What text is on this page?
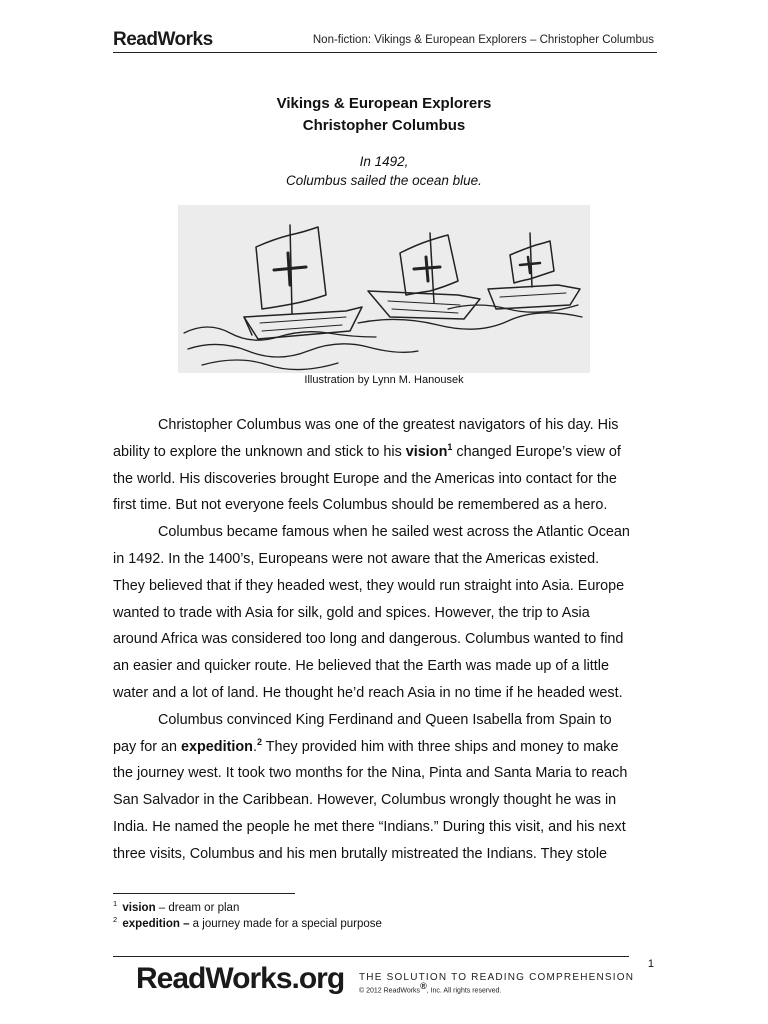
ReadWorks	Non-fiction: Vikings & European Explorers – Christopher Columbus
Vikings & European Explorers
Christopher Columbus
In 1492,
Columbus sailed the ocean blue.
Illustration by Lynn M. Hanousek

Christopher Columbus was one of the greatest navigators of his day. His
ability to explore the unknown and stick to his vision$^1$ changed Europe’s view of
the world. His discoveries brought Europe and the Americas into contact for the
first time. But not everyone feels Columbus should be remembered as a hero.

Columbus became famous when he sailed west across the Atlantic Ocean
in 1492. In the 1400’s, Europeans were not aware that the Americas existed.
They believed that if they headed west, they would run straight into Asia. Europe
wanted to trade with Asia for silk, gold and spices. However, the trip to Asia
around Africa was considered too long and dangerous. Columbus wanted to find
an easier and quicker route. He believed that the Earth was made up of a little
water and a lot of land. He thought he’d reach Asia in no time if he headed west.

Columbus convinced King Ferdinand and Queen Isabella from Spain to
pay for an expedition.$^2$ They provided him with three ships and money to make
the journey west. It took two months for the Nina, Pinta and Santa Maria to reach
San Salvador in the Caribbean. However, Columbus wrongly thought he was in
India. He named the people he met there “Indians.” During this visit, and his next
three visits, Columbus and his men brutally mistreated the Indians. They stole

$^1$ vision – dream or plan
$^2$ expedition – a journey made for a special purpose
1
ReadWorks.org THE SOLUTION TO READING COMPREHENSION
© 2012 ReadWorks®, Inc. All rights reserved.
